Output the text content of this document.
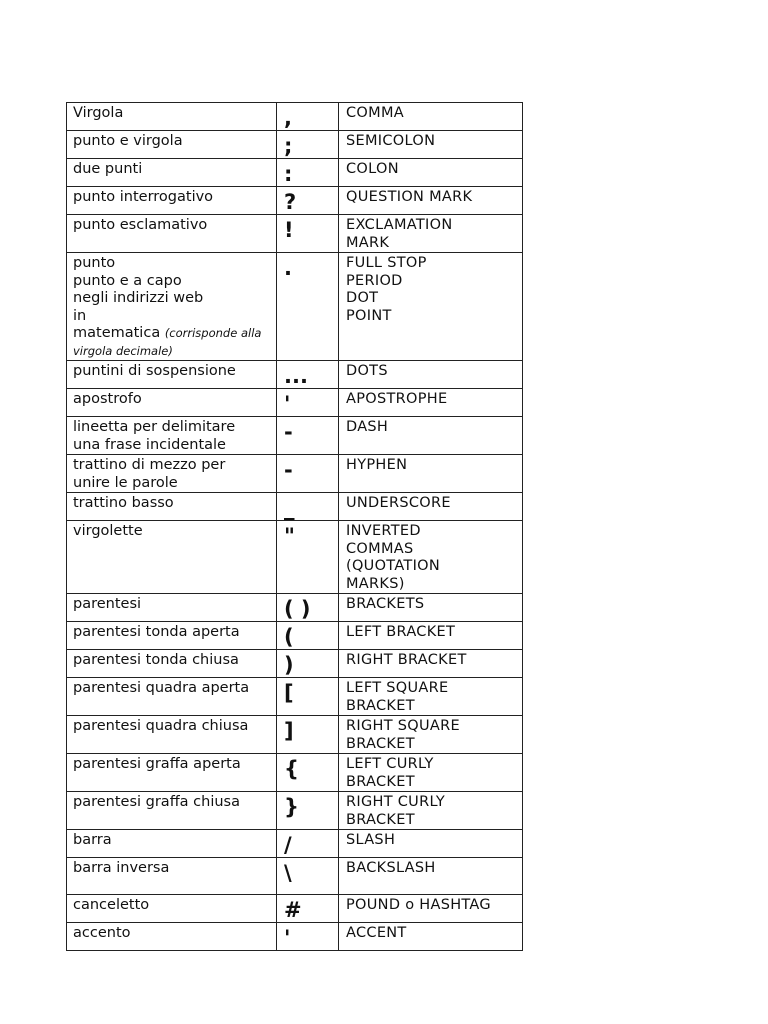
Virgola	,	COMMA

punto e virgola	;	SEMICOLON

due punti	:	COLON

punto interrogativo	?	QUESTION MARK

punto esclamativo	!	EXCLAMATION
MARK

punto
punto e a capo
negli indirizzi web
in
matematica (corrisponde alla virgola decimale)	.	FULL STOP
PERIOD
DOT
POINT

puntini di sospensione	...	DOTS

apostrofo	'	APOSTROPHE

lineetta per delimitare
una frase incidentale	-	DASH

trattino di mezzo per
unire le parole	-	HYPHEN

trattino basso	_	UNDERSCORE

virgolette	"	INVERTED
COMMAS
(QUOTATION
MARKS)

parentesi	( )	BRACKETS

parentesi tonda aperta	(	LEFT BRACKET

parentesi tonda chiusa	)	RIGHT BRACKET

parentesi quadra aperta	[	LEFT SQUARE
BRACKET

parentesi quadra chiusa	]	RIGHT SQUARE
BRACKET

parentesi graffa aperta	{	LEFT CURLY
BRACKET

parentesi graffa chiusa	}	RIGHT CURLY
BRACKET

barra	/	SLASH

barra inversa	\	BACKSLASH

canceletto	#	POUND o HASHTAG

accento	'	ACCENT
